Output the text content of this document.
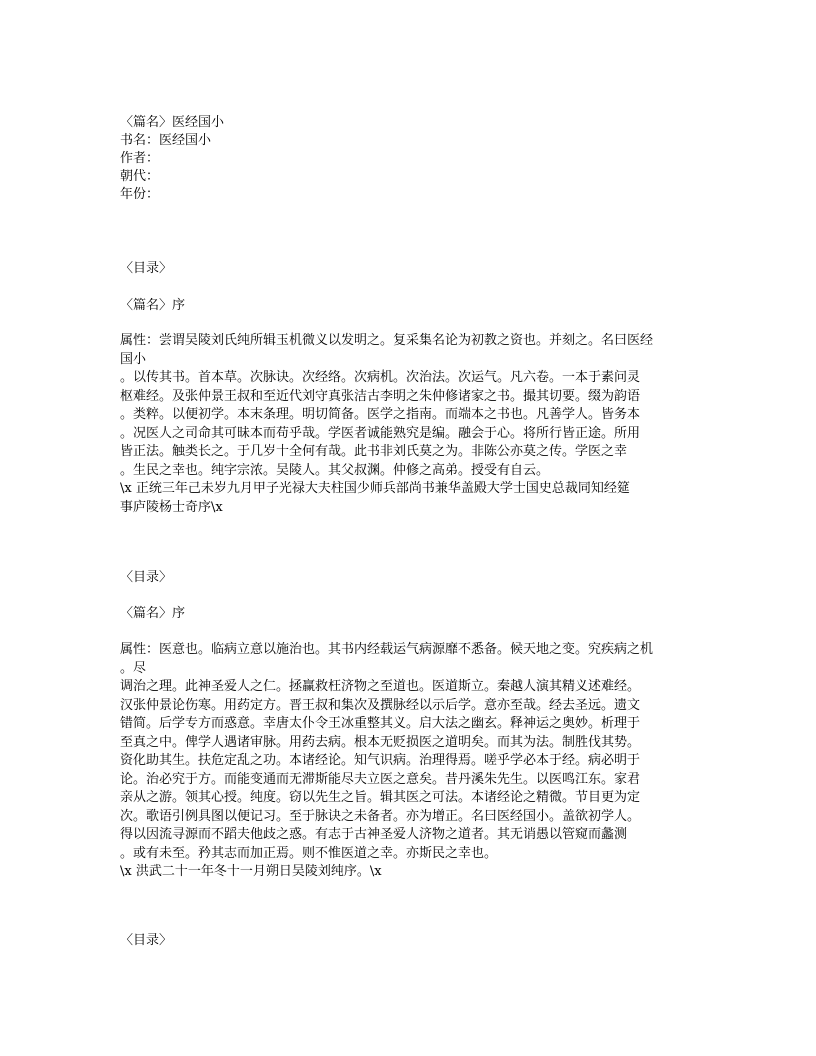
〈篇名〉医经国小
书名：医经国小
作者：
朝代：
年份：
〈目录〉
〈篇名〉序
属性：尝谓吴陵刘氏纯所辑玉机微义以发明之。复采集名论为初教之资也。并刻之。名曰医经
国小
。以传其书。首本草。次脉诀。次经络。次病机。次治法。次运气。凡六卷。一本于素问灵
枢难经。及张仲景王叔和至近代刘守真张洁古李明之朱仲修诸家之书。撮其切要。缀为韵语
。类粹。以便初学。本末条理。明切简备。医学之指南。而端本之书也。凡善学人。皆务本
。况医人之司命其可昧本而苟乎哉。学医者诚能熟究是编。融会于心。将所行皆正途。所用
皆正法。触类长之。于几岁十全何有哉。此书非刘氏莫之为。非陈公亦莫之传。学医之幸
。生民之幸也。纯字宗浓。吴陵人。其父叔渊。仲修之高弟。授受有自云。
\x 正统三年己未岁九月甲子光禄大夫柱国少师兵部尚书兼华盖殿大学士国史总裁同知经筵
事庐陵杨士奇序\x
〈目录〉
〈篇名〉序
属性：医意也。临病立意以施治也。其书内经载运气病源靡不悉备。候天地之变。究疾病之机
。尽
调治之理。此神圣爱人之仁。拯赢救枉济物之至道也。医道斯立。秦越人演其精义述难经。
汉张仲景论伤寒。用药定方。晋王叔和集次及撰脉经以示后学。意亦至哉。经去圣远。遗文
错简。后学专方而惑意。幸唐太仆令王冰重整其义。启大法之幽玄。释神运之奥妙。析理于
至真之中。俾学人遇诸审脉。用药去病。根本无贬损医之道明矣。而其为法。制胜伐其势。
资化助其生。扶危定乱之功。本诸经论。知气识病。治理得焉。嗟乎学必本于经。病必明于
论。治必究于方。而能变通而无滞斯能尽夫立医之意矣。昔丹溪朱先生。以医鸣江东。家君
亲从之游。领其心授。纯度。窃以先生之旨。辑其医之可法。本诸经论之精微。节目更为定
次。歌语引例具图以便记习。至于脉诀之未备者。亦为增正。名曰医经国小。盖欲初学人。
得以因流寻源而不蹈夫他歧之惑。有志于古神圣爱人济物之道者。其无诮愚以管窥而蠡测
。或有未至。矜其志而加正焉。则不惟医道之幸。亦斯民之幸也。
\x 洪武二十一年冬十一月朔日吴陵刘纯序。\x
〈目录〉
